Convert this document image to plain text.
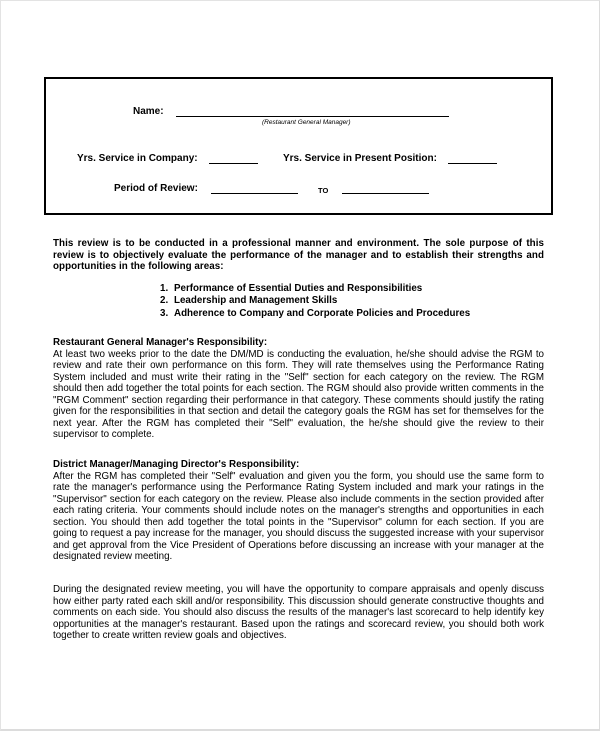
Name:
(Restaurant General Manager)
Yrs. Service in Company:	Yrs. Service in Present Position:
Period of Review:	TO
This review is to be conducted in a professional manner and environment. The sole purpose of this review is to objectively evaluate the performance of the manager and to establish their strengths and opportunities in the following areas:
1. Performance of Essential Duties and Responsibilities
2. Leadership and Management Skills
3. Adherence to Company and Corporate Policies and Procedures
Restaurant General Manager's Responsibility:

At least two weeks prior to the date the DM/MD is conducting the evaluation, he/she should advise the RGM to review and rate their own performance on this form. They will rate themselves using the Performance Rating System included and must write their rating in the "Self" section for each category on the review. The RGM should then add together the total points for each section. The RGM should also provide written comments in the "RGM Comment" section regarding their performance in that category. These comments should justify the rating given for the responsibilities in that section and detail the category goals the RGM has set for themselves for the next year. After the RGM has completed their "Self" evaluation, the he/she should give the review to their supervisor to complete.

District Manager/Managing Director's Responsibility:

After the RGM has completed their "Self" evaluation and given you the form, you should use the same form to rate the manager's performance using the Performance Rating System included and mark your ratings in the "Supervisor" section for each category on the review. Please also include comments in the section provided after each rating criteria. Your comments should include notes on the manager's strengths and opportunities in each section. You should then add together the total points in the "Supervisor" column for each section. If you are going to request a pay increase for the manager, you should discuss the suggested increase with your supervisor and get approval from the Vice President of Operations before discussing an increase with your manager at the designated review meeting.

During the designated review meeting, you will have the opportunity to compare appraisals and openly discuss how either party rated each skill and/or responsibility. This discussion should generate constructive thoughts and comments on each side. You should also discuss the results of the manager's last scorecard to help identify key opportunities at the manager's restaurant. Based upon the ratings and scorecard review, you should both work together to create written review goals and objectives.
